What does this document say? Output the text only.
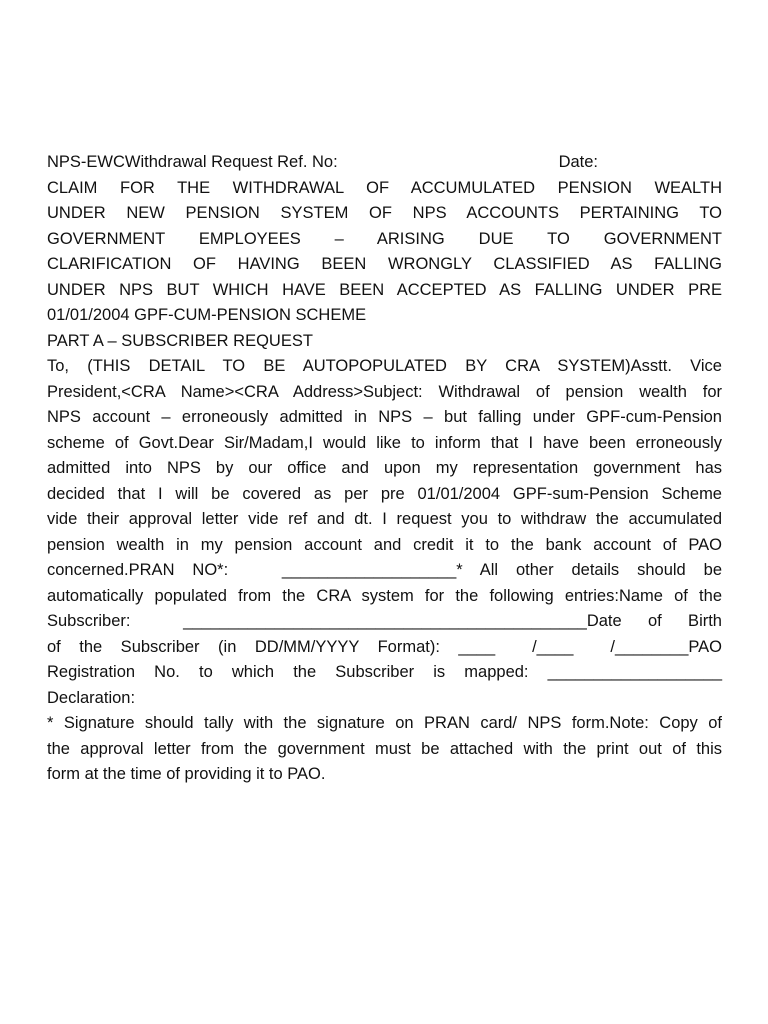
NPS-EWCWithdrawal Request Ref. No:	Date:
CLAIM FOR THE WITHDRAWAL OF ACCUMULATED PENSION WEALTH
UNDER NEW PENSION SYSTEM OF NPS ACCOUNTS PERTAINING TO
GOVERNMENT EMPLOYEES – ARISING DUE TO GOVERNMENT
CLARIFICATION OF HAVING BEEN WRONGLY CLASSIFIED AS FALLING
UNDER NPS BUT WHICH HAVE BEEN ACCEPTED AS FALLING UNDER PRE
01/01/2004 GPF-CUM-PENSION SCHEME
PART A – SUBSCRIBER REQUEST
To, (THIS DETAIL TO BE AUTOPOPULATED BY CRA SYSTEM)Asstt. Vice
President,<CRA Name><CRA Address>Subject: Withdrawal of pension wealth for
NPS account – erroneously admitted in NPS – but falling under GPF-cum-Pension
scheme of Govt.Dear Sir/Madam,I would like to inform that I have been erroneously
admitted into NPS by our office and upon my representation government has
decided that I will be covered as per pre 01/01/2004 GPF-sum-Pension Scheme
vide their approval letter vide ref and dt. I request you to withdraw the accumulated
pension wealth in my pension account and credit it to the bank account of PAO
concerned.PRAN NO*:   ___________________* All other details should be
automatically populated from the CRA system for the following entries:Name of the
Subscriber:  ____________________________________________Date of Birth
of the Subscriber (in DD/MM/YYYY Format): ____  /____  /________PAO
Registration No. to which the Subscriber is mapped: ___________________
Declaration:
* Signature should tally with the signature on PRAN card/ NPS form.Note: Copy of
the approval letter from the government must be attached with the print out of this
form at the time of providing it to PAO.
